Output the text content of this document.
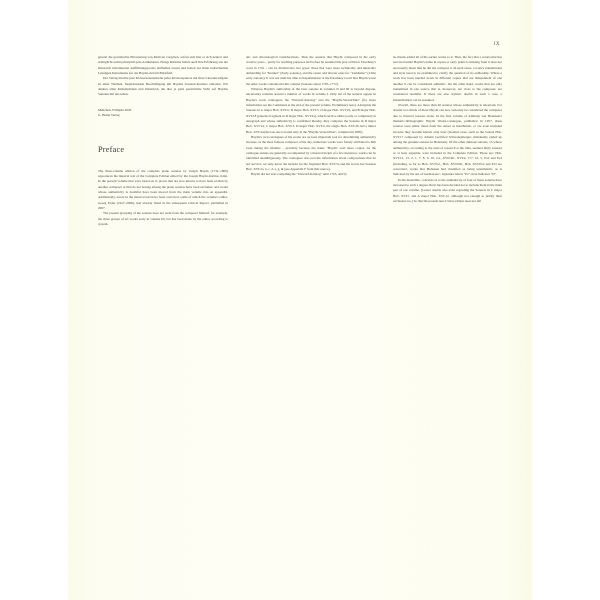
IX

gesetzt die gewünschte Phrasierung von Motiven vorgeben, sofern sich hier er sich neutral und ermöglicht somit prinzipiell jede Artikulation. Einige Künstler haben auch ihre Erfahrung aus der historisch informierten Aufführungspraxis einfließen lassen und hatten bei ihren individuellen Lösungen Instrumente aus der Haydn-Zeit im Blickfeld.

Der Verlag möchte jede Klaviersonatenstelle jedes Klavierspielers mit ihrer Literaturaufgabe zu einer Tüschen, Inspirierenden Beschäftigung mit Haydns Sonaten-Kosmos einladen. Wir danken allen Künstlerinnen und Künstlern, die dies je ganz persönliche Sicht auf Haydns Sonaten mit uns teilen.

München, Frühjahr 2020

G. Henle Verlag

Preface

The three-volume edition of the complete piano sonatas by Joseph Haydn (1732–1809) reproduces the musical text of the Complete Edition edited by the Joseph Haydn-Institut, Köln. In the present volume that were based on it; pieces that are now known to have been written by another composer or that do not belong among the piano sonatas have been excluded, and works whose authenticity is doubtful have been moved from the main volume into an appendix. Additionally, errors in the musical text have been corrected, some of which the volume's editor, Georg Feder (1927–2006), had already listed in his subsequent Critical Report, published in 2007.

The present grouping of the sonatas does not stem from the composer himself, for example, the three groups of six works early in volume III, but has been made by the editor according to system-

atic and chronological considerations. Thus the sonatas that Haydn composed in his early creative years – partly for teaching purposes and before he assumed his post at Prince Esterházy's court in 1761 – can be divided into two types: those that were more technically and musically demanding for "Kenner" (Early sonatas), and the easier and shorter ones for "Liebhaber" (Little early sonatas). It was not until his time as Kapellmeister at the Esterházy Court that Haydn wrote the other works contained in this volume (Sonatas about 1765–1772).

Whereas Haydn's authorship of the later sonatas in volumes II and III is beyond dispute, uncertainty remains around a number of works in volume I. Only ten of the sonatas appear in Haydn's work catalogues, the "Entwurf-Katalog" and the "Haydn-Verzeichnis" (for more information see the Comments at the end of the present volume, Preliminary note). Alongside the Sonatas in G major Hob. XVI:6, D major Hob. XVI:5, D major Hob. XVI:19, and B major Hob. XVI:18 (plus the fragment in D major Hob. XVI:2a), which survive either partly or completely in autograph and whose authenticity is confirmed thereby, they comprise the Sonatas in D major Hob. XVI:14, C major Hob. XVI:3, D major Hob. XVI:4, the single Hob. XVI:46 and a minor Hob. XVI:44 (the last one is found only in the "Haydn-Verzeichnis", compiled in 1805).

Haydn's own catalogues of his works are on least important tool for determining authenticity because, as the most famous composer of his day, numerous works were falsely attributed to him even during his lifetime – probably because the name "Haydn" sold more copies. As the catalogue entries are generally accompanied by a musical incipit of a few measures, works can be identified unambiguously. The catalogues also provide information about compositions that do not survive; we only know the incipits for the fragment Hob. XVI:5a and the seven-lost Sonatas Hob. XVI:2a, b, c, d, e, g, & (see Appendix F from this source).

Haydn did not start compiling the "Entwurf-Katalog" until 1765, and by

no means added all of his earlier works to it. Thus, the fact that a sonata that has survived under Haydn's name in copies or early prints is missing from it does not necessarily mean that he did not compose it. In such cases, a work's transmission and style need to be examined to clarify the question of its authorship. Where a work has been handed down in different copies that are independent of one another it can be considered authentic. On the other hand, works that are only transmitted in one source that is, moreover, not close to the composer, are considered doubtful. If there are also stylistic doubts in such a case, a misattribution can be assumed.

Overall, there are more than 40 sonatas whose authenticity is uncertain. For around two-thirds of these Haydn can now seriously be considered the composer due to musical reasons alone. In the first volume of Anthony van Hoboken's thematic-bibliographic Haydn Works-Catalogue, published in 1957, these sonatas were either listed from the outset as inauthentic, or are even included because they became known only later (Isolated ones, such as the Sonata Hob. XVI:17 composed by Johann Gottfried Schwanenberger, mistakenly ended up among the genuine sonatas in Hoboken). Of the other dubious sonatas, 15 whose authenticity, according to the state of research at the time, seemed fairly assured or at least arguable, were included in the Complete Edition. These are: Hob. XVI:12, 13, 2, 1, 7, 8, 9, 10, G1, XVII:D1, XVI:4, 17?, 16, 5, Es2 and Es3 (including, as far as Hob. XVI:G1, Hob. XVII:D1, Hob. XVI:Es2 and Es3 are concerned, works that Hoboken had classified as being unauthentic, as is indicated by his use of German Arc- signature letters "Es", here indicates "D".

In the meantime, concerns as to the authenticity of four of these sonatas have increased to such a degree that it has been decided not to include them in the main part of our volume. (Lesser doubts also exist regarding the Sonatas in C major Hob. XVI:1 and A major Hob. XVI:12, although not enough to justify their exclusion too.) So that the present new Urtext edition does not fall
